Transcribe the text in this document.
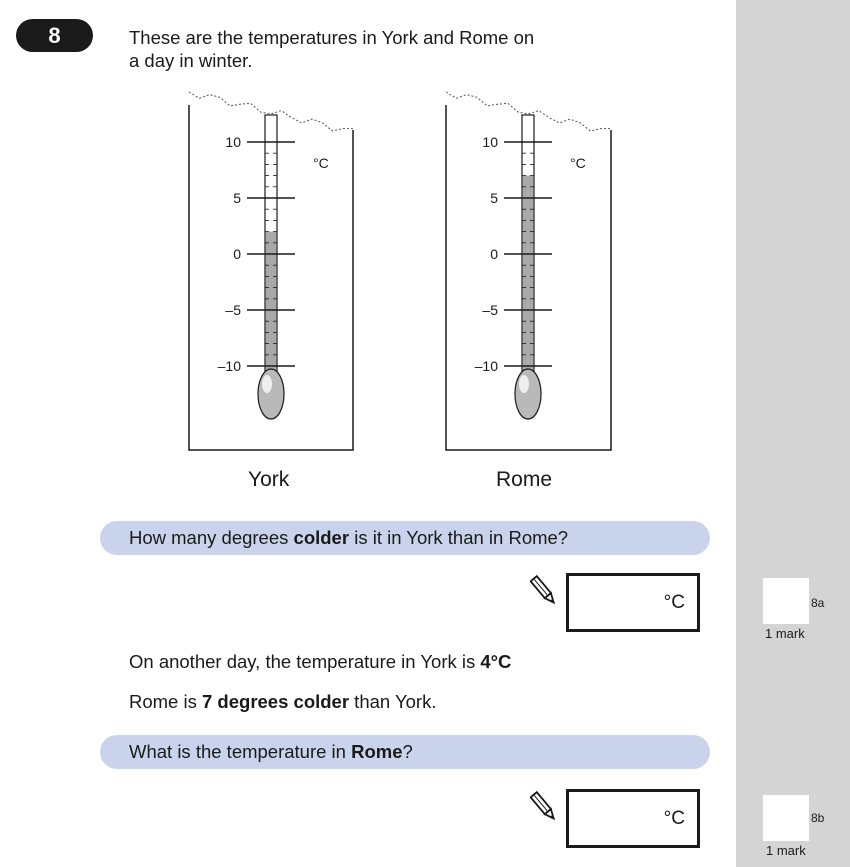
8	These are the temperatures in York and Rome on
a day in winter.
10
5
0
–5
–10
°C
10
5
0
–5
–10
°C
York	Rome
How many degrees colder is it in York than in Rome?
°C	8a
1 mark
On another day, the temperature in York is 4°C
Rome is 7 degrees colder than York.
What is the temperature in Rome?
°C	8b
1 mark
